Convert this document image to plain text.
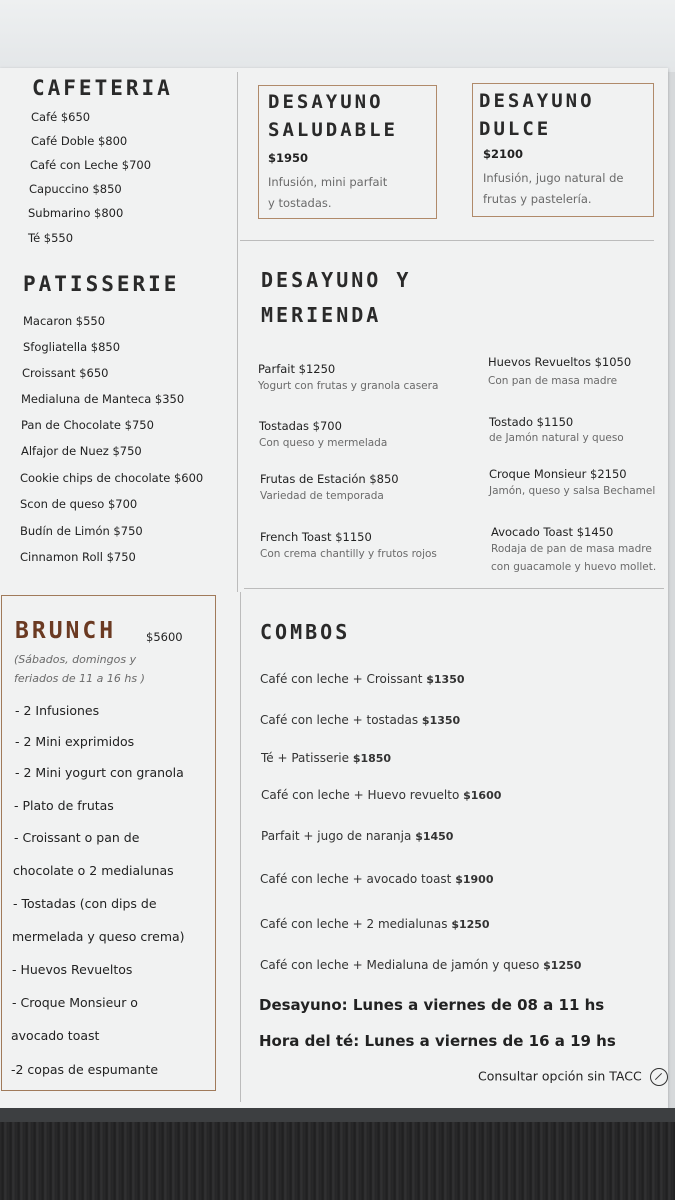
CAFETERIA
Café $650
Café Doble $800
Café con Leche $700
Capuccino $850
Submarino $800
Té $550
DESAYUNO
SALUDABLE
$1950
Infusión, mini parfait
y tostadas.
DESAYUNO
DULCE
$2100
Infusión, jugo natural de
frutas y pastelería.
PATISSERIE
Macaron $550
Sfogliatella $850
Croissant $650
Medialuna de Manteca $350
Pan de Chocolate $750
Alfajor de Nuez $750
Cookie chips de chocolate $600
Scon de queso $700
Budín de Limón $750
Cinnamon Roll $750
DESAYUNO Y
MERIENDA
Parfait $1250
Yogurt con frutas y granola casera
Tostadas $700
Con queso y mermelada
Frutas de Estación $850
Variedad de temporada
French Toast $1150
Con crema chantilly y frutos rojos
Huevos Revueltos $1050
Con pan de masa madre
Tostado $1150
de Jamón natural y queso
Croque Monsieur $2150
Jamón, queso y salsa Bechamel
Avocado Toast $1450
Rodaja de pan de masa madre
con guacamole y huevo mollet.
BRUNCH	$5600
(Sábados, domingos y
feriados de 11 a 16 hs )
- 2 Infusiones
- 2 Mini exprimidos
- 2 Mini yogurt con granola
- Plato de frutas
- Croissant o pan de
chocolate o 2 medialunas
- Tostadas (con dips de
mermelada y queso crema)
- Huevos Revueltos
- Croque Monsieur o
avocado toast
-2 copas de espumante
COMBOS
Café con leche + Croissant $1350
Café con leche + tostadas $1350
Té + Patisserie $1850
Café con leche + Huevo revuelto $1600
Parfait + jugo de naranja $1450
Café con leche + avocado toast $1900
Café con leche + 2 medialunas $1250
Café con leche + Medialuna de jamón y queso $1250
Desayuno: Lunes a viernes de 08 a 11 hs
Hora del té: Lunes a viernes de 16 a 19 hs
Consultar opción sin TACC
